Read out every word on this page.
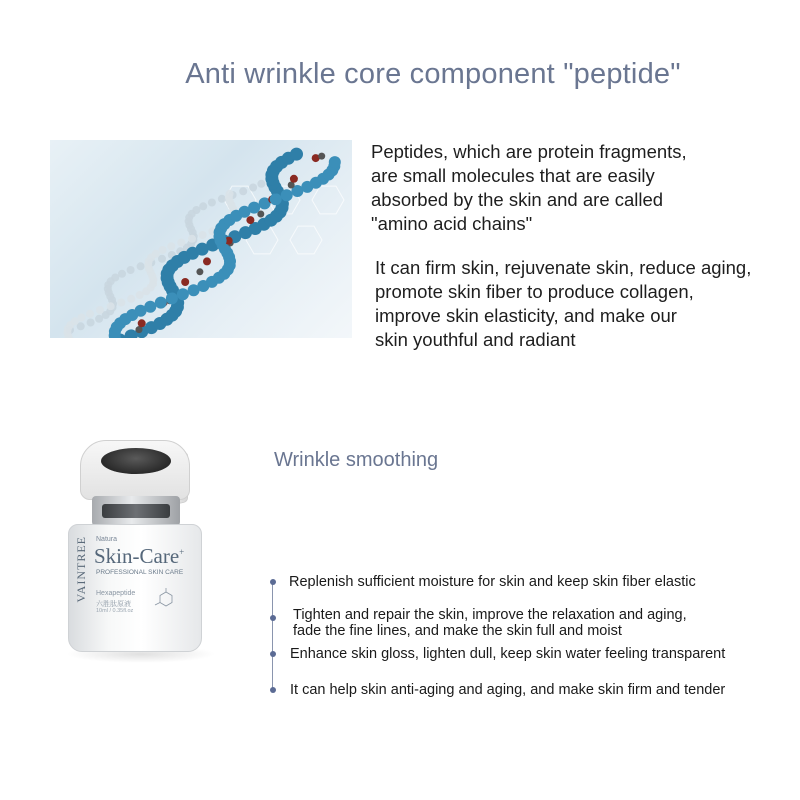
Anti wrinkle core component "peptide"
Peptides, which are protein fragments,
are small molecules that are easily
absorbed by the skin and are called
"amino acid chains"
It can firm skin, rejuvenate skin, reduce aging,
promote skin fiber to produce collagen,
improve skin elasticity, and make our
skin youthful and radiant
VAINTREE Natura
Skin-Care+
PROFESSIONAL SKIN CARE
Hexapeptide
六胜肽原液
10ml / 0.35fl.oz
Wrinkle smoothing
Replenish sufficient moisture for skin and keep skin fiber elastic
Tighten and repair the skin, improve the relaxation and aging,
fade the fine lines, and make the skin full and moist
Enhance skin gloss, lighten dull, keep skin water feeling transparent
It can help skin anti-aging and aging, and make skin firm and tender
